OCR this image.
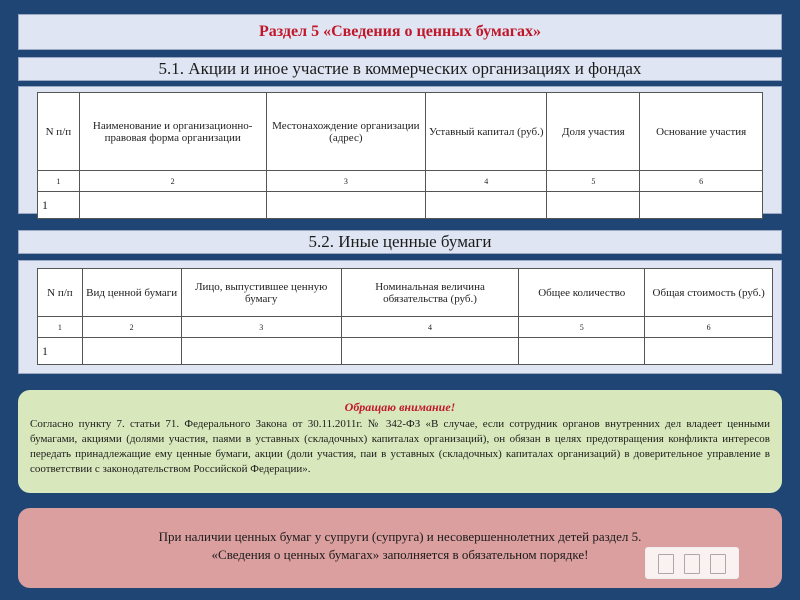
Раздел 5 «Сведения о ценных бумагах»
5.1. Акции и иное участие в коммерческих организациях и фондах
N п/п	Наименование и организационно-правовая форма организации	Местонахождение организации (адрес)	Уставный капитал (руб.)	Доля участия	Основание участия
1	2	3	4	5	6
1					
5.2. Иные ценные бумаги
N п/п	Вид ценной бумаги	Лицо, выпустившее ценную бумагу	Номинальная величина обязательства (руб.)	Общее количество	Общая стоимость (руб.)
1	2	3	4	5	6
1					
Обращаю внимание!
Согласно пункту 7. статьи 71. Федерального Закона от 30.11.2011г. № 342-ФЗ «В случае, если сотрудник органов внутренних дел владеет ценными бумагами, акциями (долями участия, паями в уставных (складочных) капиталах организаций), он обязан в целях предотвращения конфликта интересов передать принадлежащие ему ценные бумаги, акции (доли участия, паи в уставных (складочных) капиталах организаций) в доверительное управление в соответствии с законодательством Российской Федерации».
При наличии ценных бумаг у супруги (супруга) и несовершеннолетних детей раздел 5.
«Сведения о ценных бумагах» заполняется в обязательном порядке!
